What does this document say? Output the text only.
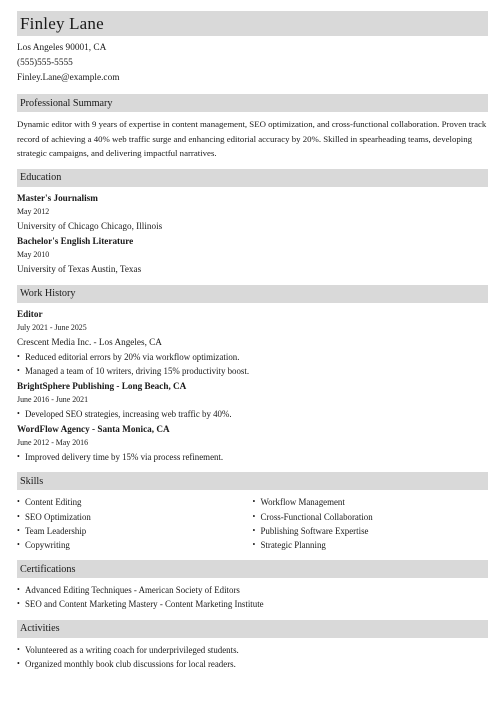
Finley Lane
Los Angeles 90001, CA
(555)555-5555
Finley.Lane@example.com
Professional Summary

Dynamic editor with 9 years of expertise in content management, SEO optimization, and cross-functional collaboration. Proven track record of achieving a 40% web traffic surge and enhancing editorial accuracy by 20%. Skilled in spearheading teams, developing strategic campaigns, and delivering impactful narratives.

Education
Master's Journalism
May 2012
University of Chicago Chicago, Illinois
Bachelor's English Literature
May 2010
University of Texas Austin, Texas
Work History
Editor
July 2021 - June 2025
Crescent Media Inc. - Los Angeles, CA
• Reduced editorial errors by 20% via workflow optimization.
• Managed a team of 10 writers, driving 15% productivity boost.
BrightSphere Publishing - Long Beach, CA
June 2016 - June 2021
• Developed SEO strategies, increasing web traffic by 40%.
WordFlow Agency - Santa Monica, CA
June 2012 - May 2016
• Improved delivery time by 15% via process refinement.
Skills
• Content Editing
• SEO Optimization
• Team Leadership
• Copywriting
• Workflow Management
• Cross-Functional Collaboration
• Publishing Software Expertise
• Strategic Planning
Certifications
• Advanced Editing Techniques - American Society of Editors
• SEO and Content Marketing Mastery - Content Marketing Institute
Activities
• Volunteered as a writing coach for underprivileged students.
• Organized monthly book club discussions for local readers.
